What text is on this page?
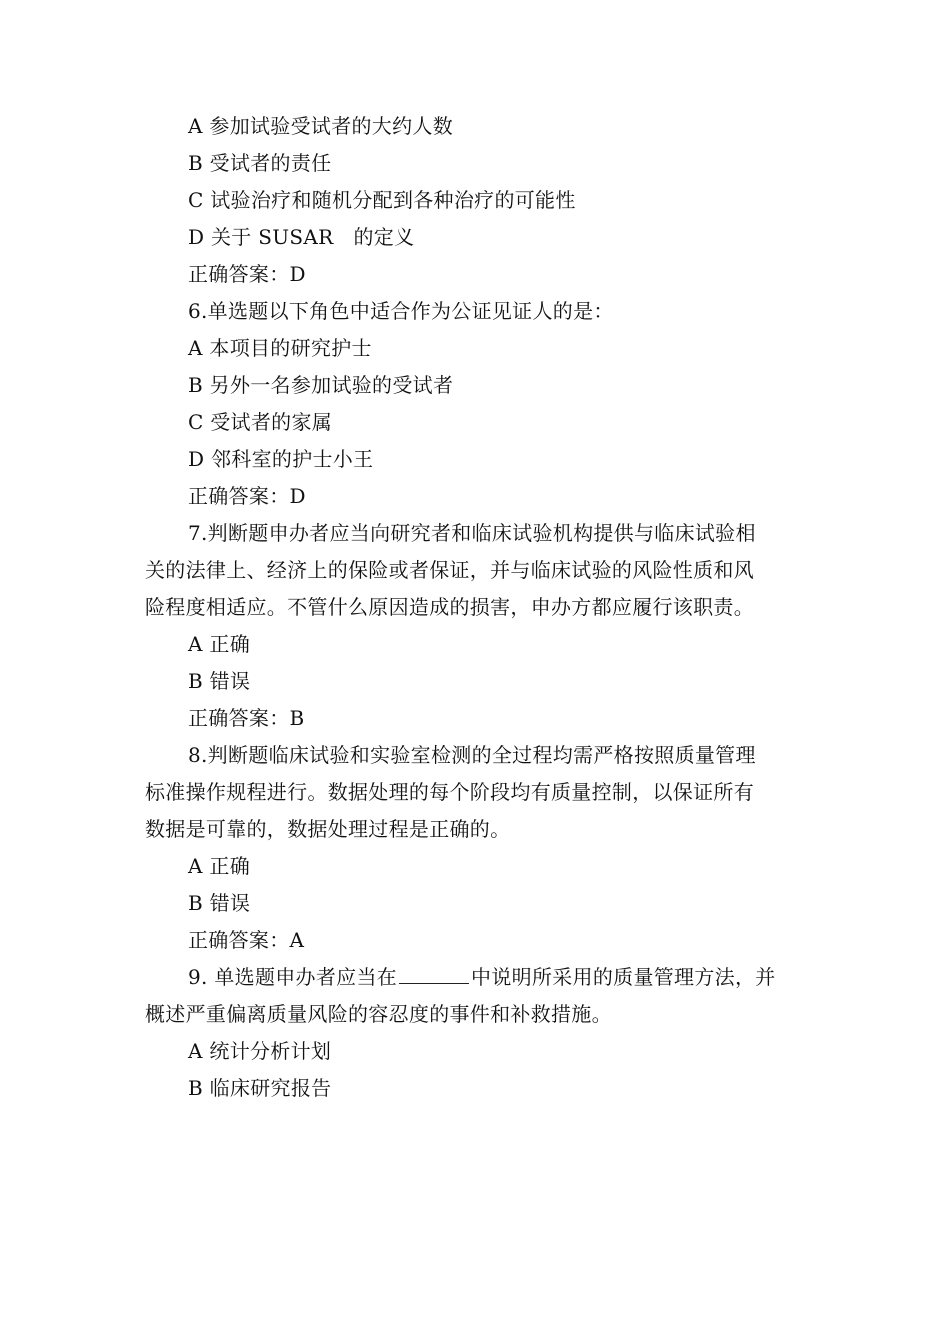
A 参加试验受试者的大约人数
B 受试者的责任
C 试验治疗和随机分配到各种治疗的可能性
D 关于 SUSAR   的定义
正确答案：D
6.单选题以下角色中适合作为公证见证人的是：
A 本项目的研究护士
B 另外一名参加试验的受试者
C 受试者的家属
D 邻科室的护士小王
正确答案：D
7.判断题申办者应当向研究者和临床试验机构提供与临床试验相
关的法律上、经济上的保险或者保证，并与临床试验的风险性质和风
险程度相适应。不管什么原因造成的损害，申办方都应履行该职责。
A 正确
B 错误
正确答案：B
8.判断题临床试验和实验室检测的全过程均需严格按照质量管理
标准操作规程进行。数据处理的每个阶段均有质量控制，以保证所有
数据是可靠的，数据处理过程是正确的。
A 正确
B 错误
正确答案：A
9. 单选题申办者应当在	中说明所采用的质量管理方法，并
概述严重偏离质量风险的容忍度的事件和补救措施。
A 统计分析计划
B 临床研究报告
